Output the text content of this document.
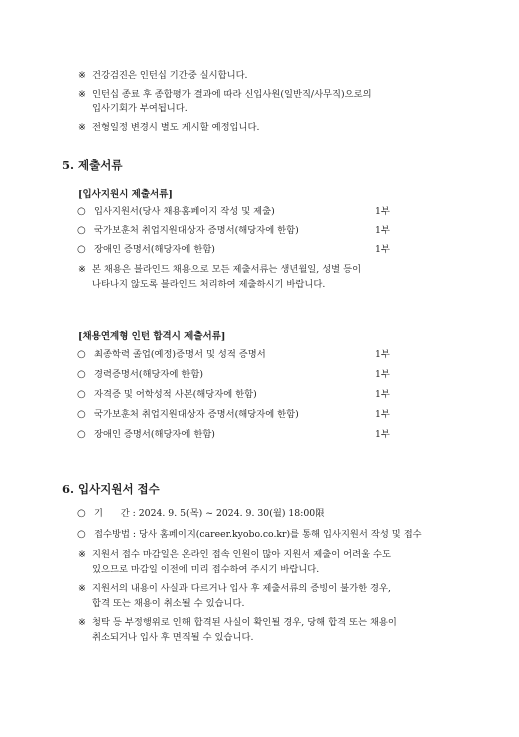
※ 건강검진은 인턴십 기간중 실시합니다.
※ 인턴십 종료 후 종합평가 결과에 따라 신입사원(일반직/사무직)으로의
입사기회가 부여됩니다.
※ 전형일정 변경시 별도 게시할 예정입니다.
5. 제출서류
[입사지원시 제출서류]
○ 입사지원서(당사 채용홈페이지 작성 및 제출)	1부
○ 국가보훈처 취업지원대상자 증명서(해당자에 한함)	1부
○ 장애인 증명서(해당자에 한함)	1부
※ 본 채용은 블라인드 채용으로 모든 제출서류는 생년월일, 성별 등이
나타나지 않도록 블라인드 처리하여 제출하시기 바랍니다.
[채용연계형 인턴 합격시 제출서류]
○ 최종학력 졸업(예정)증명서 및 성적 증명서	1부
○ 경력증명서(해당자에 한함)	1부
○ 자격증 및 어학성적 사본(해당자에 한함)	1부
○ 국가보훈처 취업지원대상자 증명서(해당자에 한함)	1부
○ 장애인 증명서(해당자에 한함)	1부
6. 입사지원서 접수
○ 기      간 : 2024. 9. 5(목) ~ 2024. 9. 30(월) 18:00限
○ 접수방법 : 당사 홈페이지(career.kyobo.co.kr)를 통해 입사지원서 작성 및 접수
※ 지원서 접수 마감일은 온라인 접속 인원이 많아 지원서 제출이 어려울 수도
있으므로 마감일 이전에 미리 접수하여 주시기 바랍니다.
※ 지원서의 내용이 사실과 다르거나 입사 후 제출서류의 증빙이 불가한 경우,
합격 또는 채용이 취소될 수 있습니다.
※ 청탁 등 부정행위로 인해 합격된 사실이 확인될 경우, 당해 합격 또는 채용이
취소되거나 입사 후 면직될 수 있습니다.
